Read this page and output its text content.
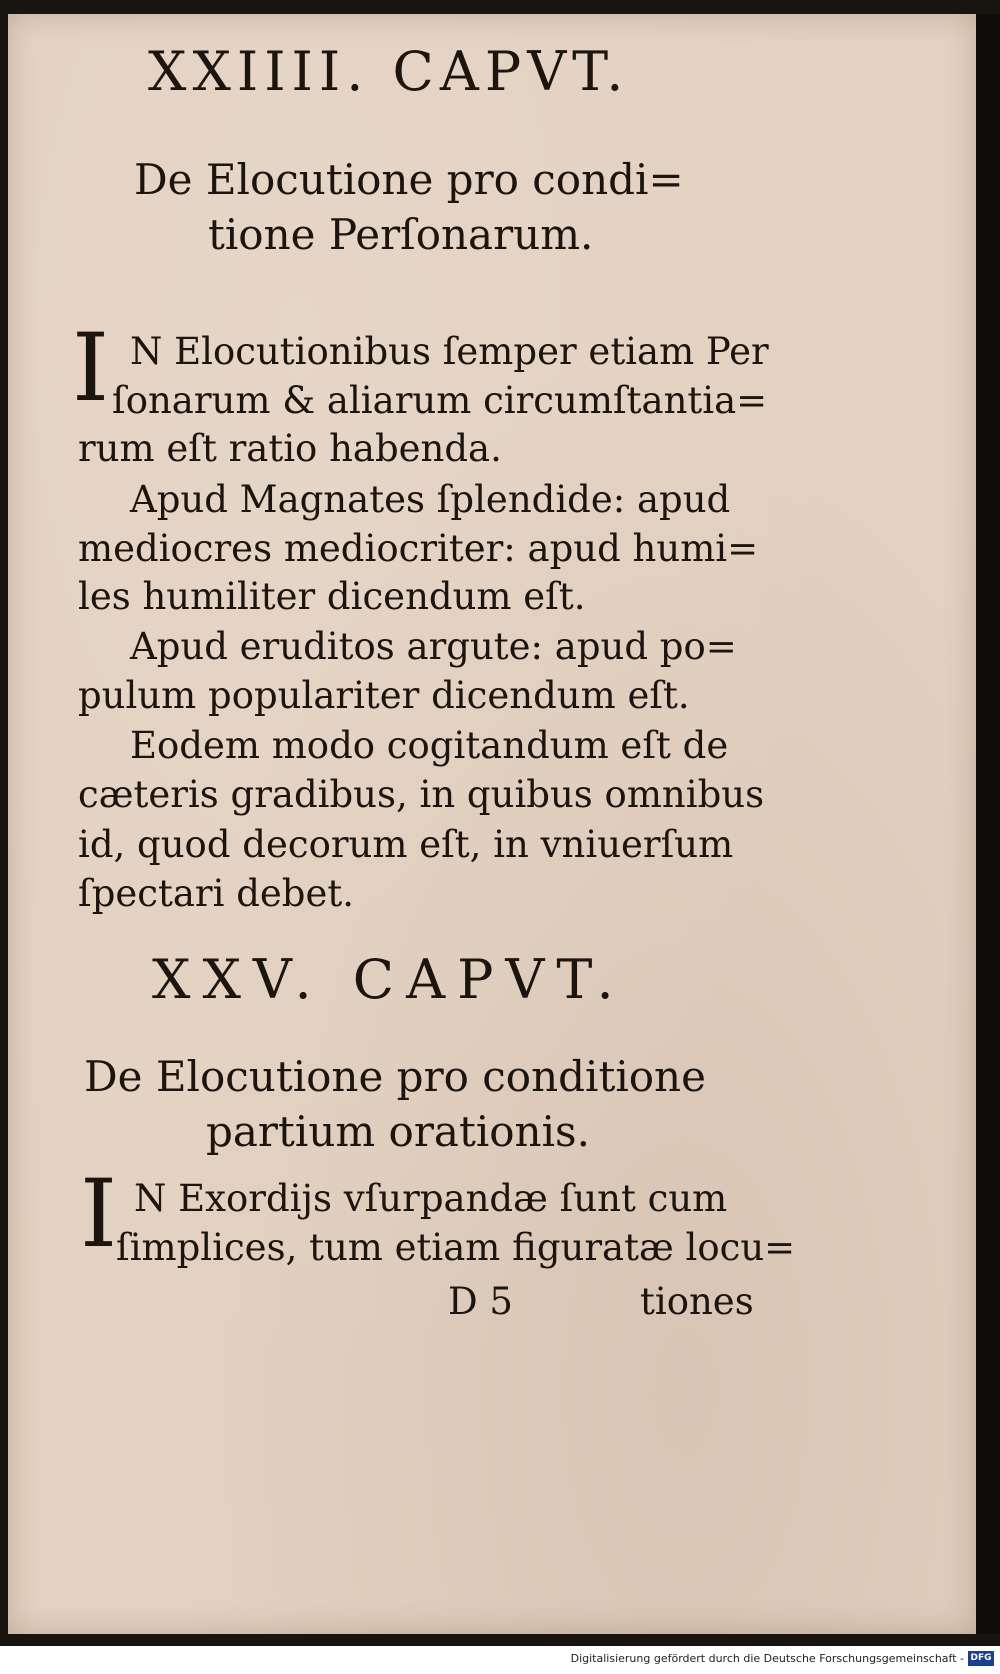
XXIIII. CAPVT.
De Elocutione pro condi=
tione Perſonarum.
I N Elocutionibus ſemper etiam Per
ſonarum & aliarum circumſtantia=
rum eſt ratio habenda.
Apud Magnates ſplendide: apud
mediocres mediocriter: apud humi=
les humiliter dicendum eſt.
Apud eruditos argute: apud po=
pulum populariter dicendum eſt.
Eodem modo cogitandum eſt de
cæteris gradibus, in quibus omnibus
id, quod decorum eſt, in vniuerſum
ſpectari debet.
XXV. CAPVT.
De Elocutione pro conditione
partium orationis.
I N Exordijs vſurpandæ ſunt cum
ſimplices, tum etiam figuratæ locu=
D 5	tiones
Digitalisierung gefördert durch die Deutsche Forschungsgemeinschaft - DFG
